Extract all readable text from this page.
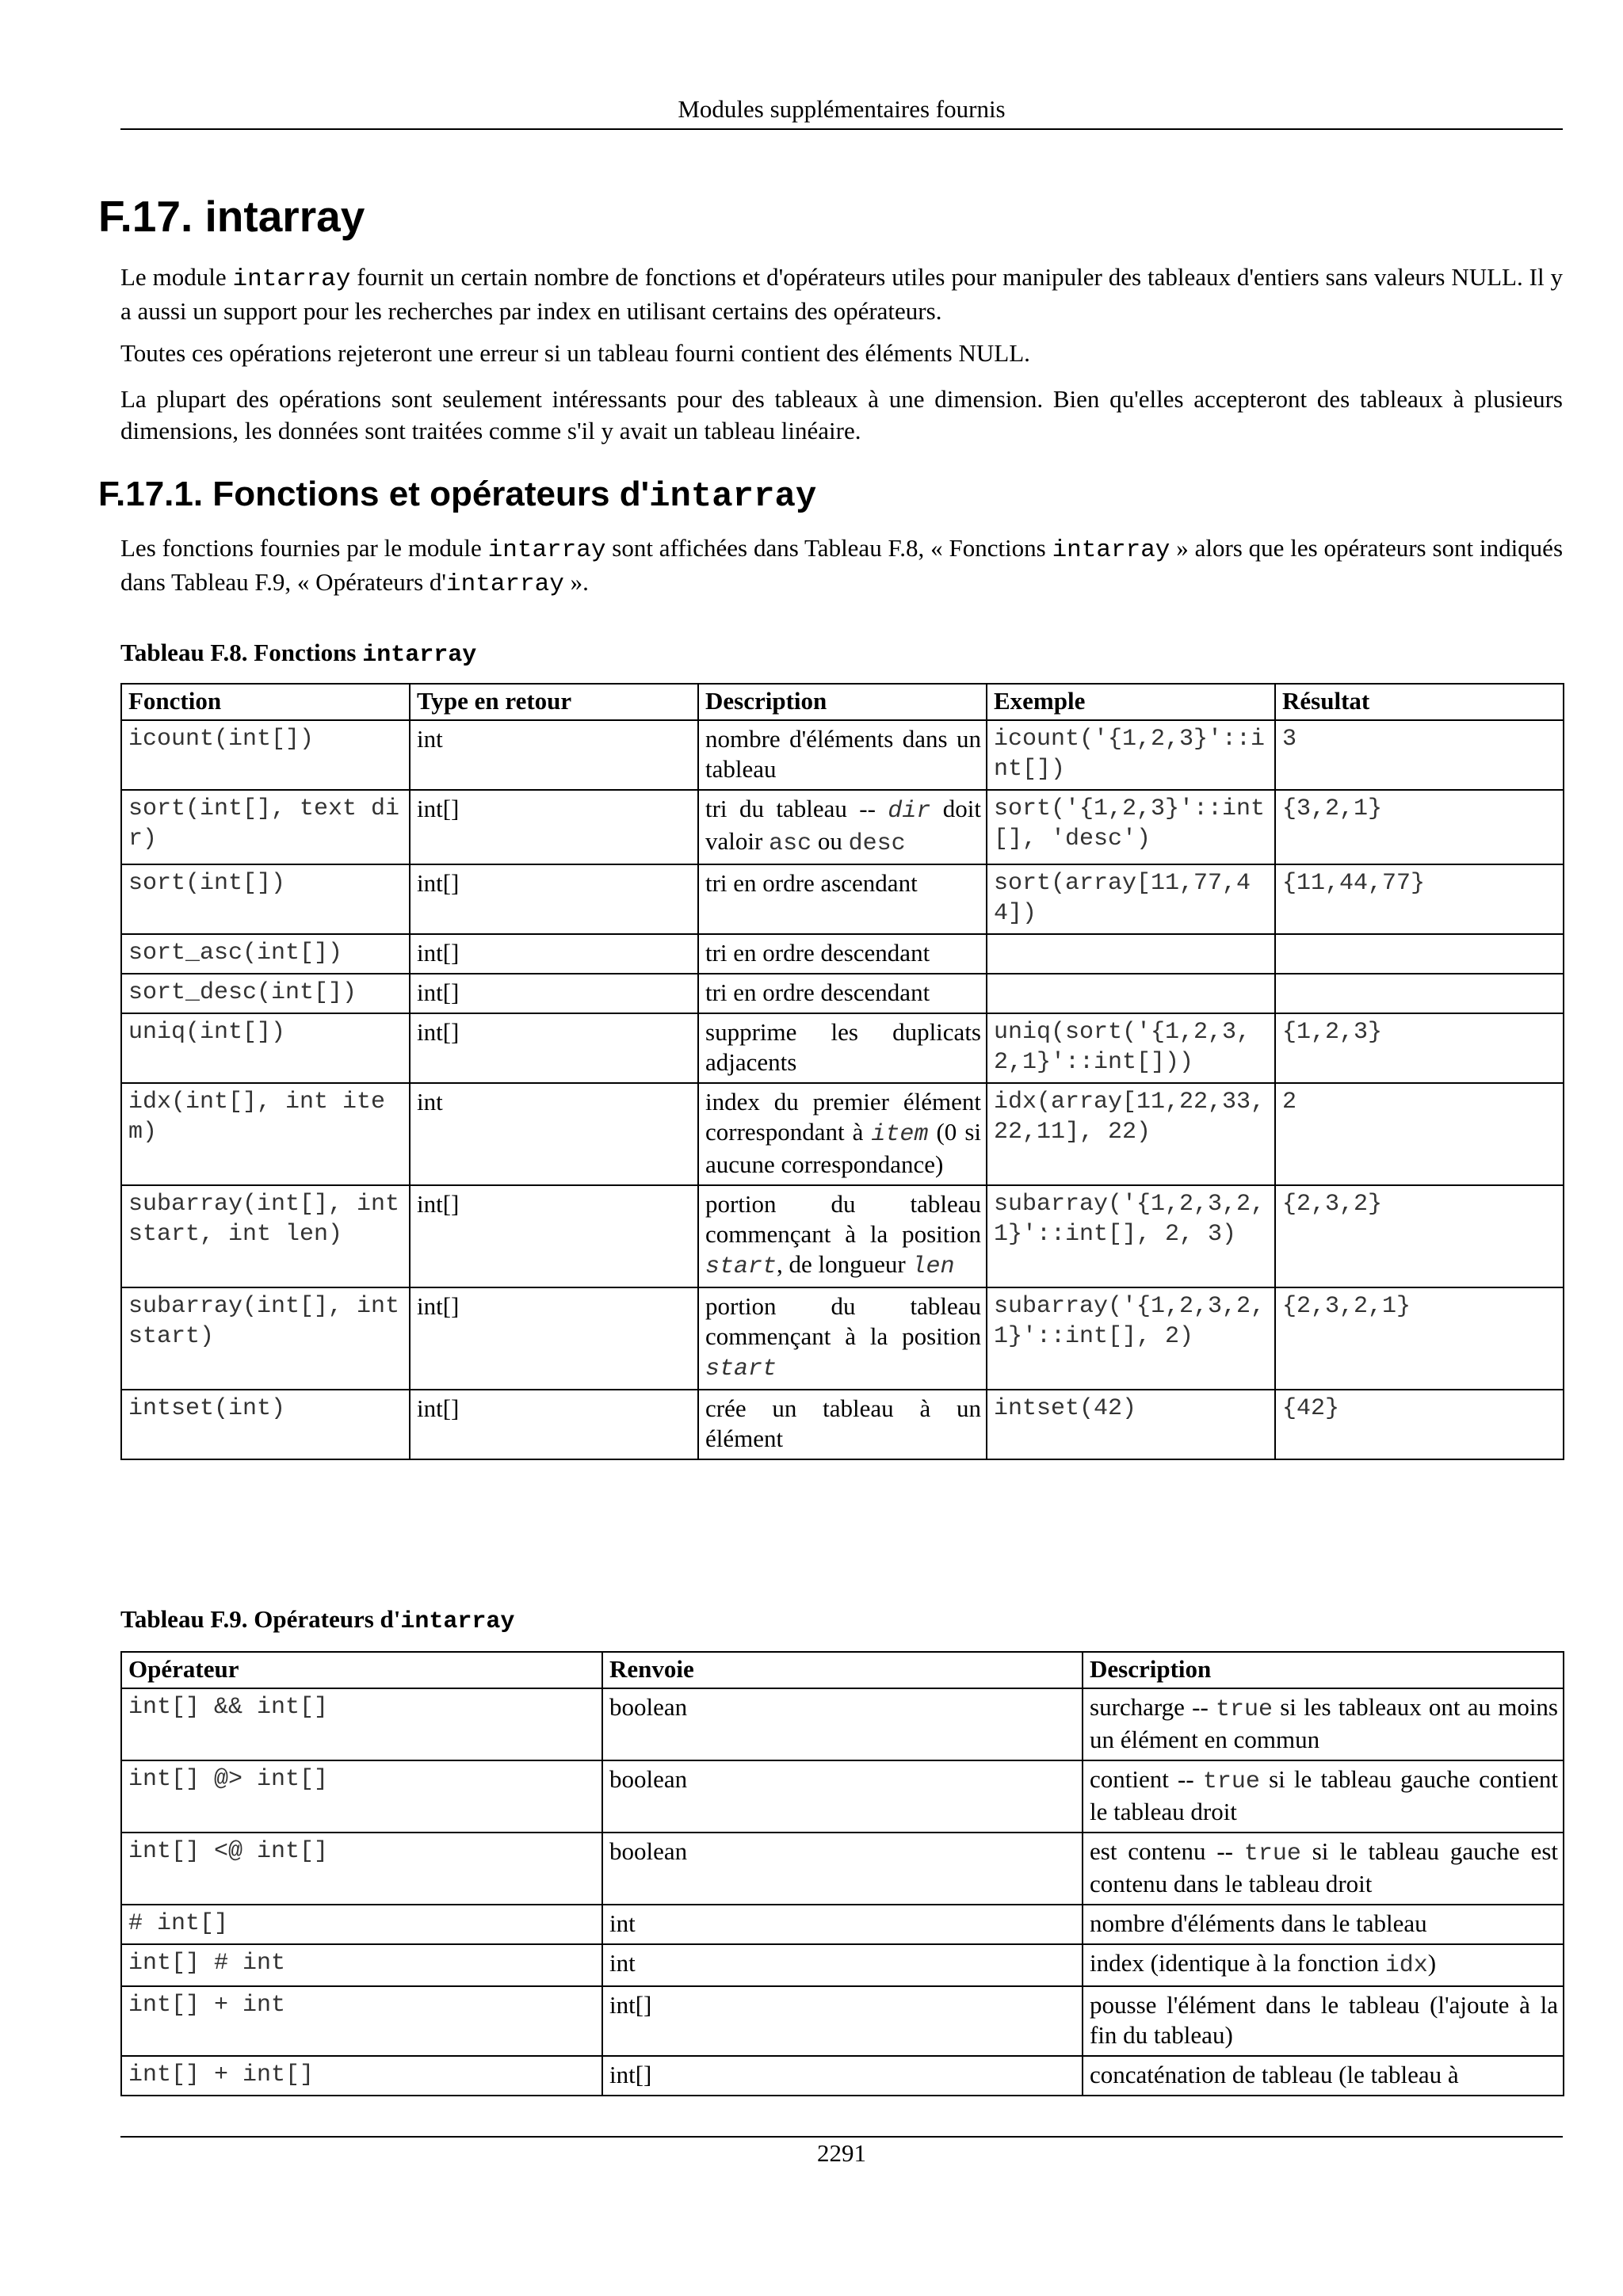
Modules supplémentaires fournis
F.17. intarray

Le module intarray fournit un certain nombre de fonctions et d'opérateurs utiles pour manipuler des tableaux d'entiers sans valeurs NULL. Il y a aussi un support pour les recherches par index en utilisant certains des opérateurs.

Toutes ces opérations rejeteront une erreur si un tableau fourni contient des éléments NULL.

La plupart des opérations sont seulement intéressants pour des tableaux à une dimension. Bien qu'elles accepteront des tableaux à plusieurs dimensions, les données sont traitées comme s'il y avait un tableau linéaire.

F.17.1. Fonctions et opérateurs d'intarray

Les fonctions fournies par le module intarray sont affichées dans Tableau F.8, « Fonctions intarray » alors que les opérateurs sont indiqués dans Tableau F.9, « Opérateurs d'intarray ».

Tableau F.8. Fonctions intarray

Fonction	Type en retour	Description	Exemple	Résultat
icount(int[])	int	nombre d'éléments dans un tableau	icount('{1,2,3}'::int[])	3
sort(int[], text dir)	int[]	tri du tableau -- dir doit valoir asc ou desc	sort('{1,2,3}'::int[], 'desc')	{3,2,1}
sort(int[])	int[]	tri en ordre ascendant	sort(array[11,77,44])	{11,44,77}
sort_asc(int[])	int[]	tri en ordre descendant		
sort_desc(int[])	int[]	tri en ordre descendant		
uniq(int[])	int[]	supprime les duplicats adjacents	uniq(sort('{1,2,3,2,1}'::int[]))	{1,2,3}
idx(int[], int item)	int	index du premier élément correspondant à item (0 si aucune correspondance)	idx(array[11,22,33,22,11], 22)	2
subarray(int[], int start, int len)	int[]	portion du tableau commençant à la position start, de longueur len	subarray('{1,2,3,2,1}'::int[], 2, 3)	{2,3,2}
subarray(int[], int start)	int[]	portion du tableau commençant à la position start	subarray('{1,2,3,2,1}'::int[], 2)	{2,3,2,1}
intset(int)	int[]	crée un tableau à un élément	intset(42)	{42}

Tableau F.9. Opérateurs d'intarray

Opérateur	Renvoie	Description
int[] && int[]	boolean	surcharge -- true si les tableaux ont au moins un élément en commun
int[] @> int[]	boolean	contient -- true si le tableau gauche contient le tableau droit
int[] <@ int[]	boolean	est contenu -- true si le tableau gauche est contenu dans le tableau droit
# int[]	int	nombre d'éléments dans le tableau
int[] # int	int	index (identique à la fonction idx)
int[] + int	int[]	pousse l'élément dans le tableau (l'ajoute à la fin du tableau)
int[] + int[]	int[]	concaténation de tableau (le tableau à
2291
